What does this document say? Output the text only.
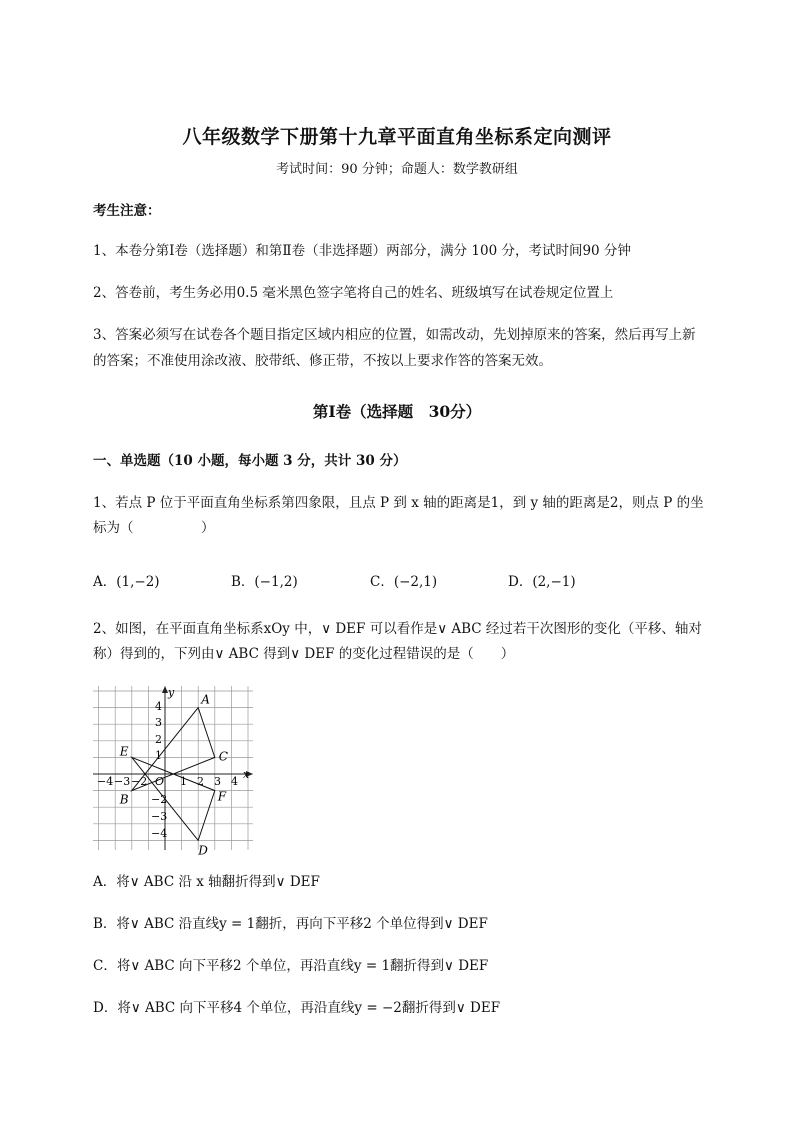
八年级数学下册第十九章平面直角坐标系定向测评
考试时间：90 分钟；命题人：数学教研组
考生注意：
1、本卷分第Ⅰ卷（选择题）和第Ⅱ卷（非选择题）两部分，满分 100 分，考试时间90 分钟
2、答卷前，考生务必用0.5 毫米黑色签字笔将自己的姓名、班级填写在试卷规定位置上
3、答案必须写在试卷各个题目指定区域内相应的位置，如需改动，先划掉原来的答案，然后再写上新
的答案；不准使用涂改液、胶带纸、修正带，不按以上要求作答的答案无效。
第Ⅰ卷（选择题　30分）
一、单选题（10 小题，每小题 3 分，共计 30 分）
1、若点 P 位于平面直角坐标系第四象限，且点 P 到 x 轴的距离是1，到 y 轴的距离是2，则点 P 的坐
标为（　　　　　）
A．(1,−2)	B．(−1,2)	C．(−2,1)	D．(2,−1)
2、如图，在平面直角坐标系xOy 中，∨ DEF 可以看作是∨ ABC 经过若干次图形的变化（平移、轴对
称）得到的，下列由∨ ABC 得到∨ DEF 的变化过程错误的是（　　）
x
y
O
−4 −3 −2	1 2 3 4
4
3
2
1
−2
−3
−4
A
B
C
D
E
F
A．将∨ ABC 沿 x 轴翻折得到∨ DEF
B．将∨ ABC 沿直线y = 1翻折，再向下平移2 个单位得到∨ DEF
C．将∨ ABC 向下平移2 个单位，再沿直线y = 1翻折得到∨ DEF
D．将∨ ABC 向下平移4 个单位，再沿直线y = −2翻折得到∨ DEF
